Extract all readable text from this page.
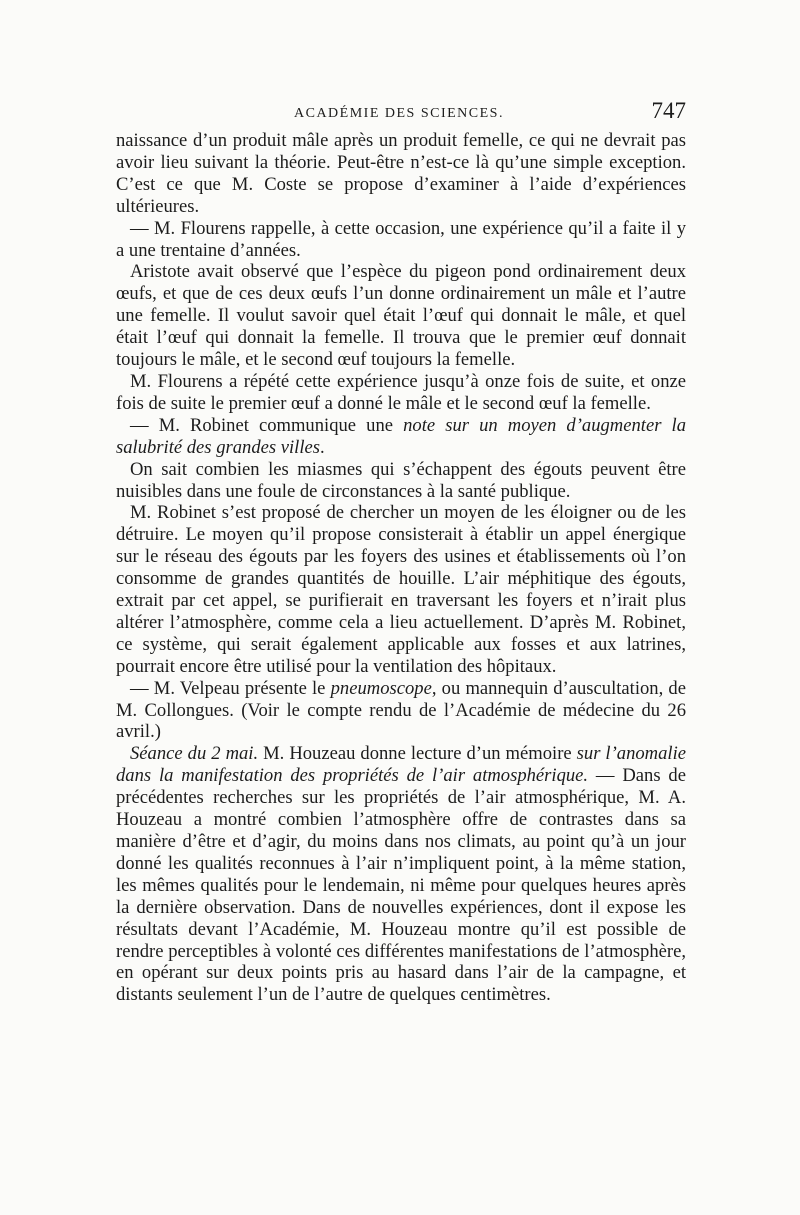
ACADÉMIE DES SCIENCES.	747

naissance d’un produit mâle après un produit femelle, ce qui ne devrait pas avoir lieu suivant la théorie. Peut-être n’est-ce là qu’une simple exception. C’est ce que M. Coste se propose d’examiner à l’aide d’expériences ultérieures.

— M. Flourens rappelle, à cette occasion, une expérience qu’il a faite il y a une trentaine d’années.

Aristote avait observé que l’espèce du pigeon pond ordinairement deux œufs, et que de ces deux œufs l’un donne ordinairement un mâle et l’autre une femelle. Il voulut savoir quel était l’œuf qui donnait le mâle, et quel était l’œuf qui donnait la femelle. Il trouva que le premier œuf donnait toujours le mâle, et le second œuf toujours la femelle.

M. Flourens a répété cette expérience jusqu’à onze fois de suite, et onze fois de suite le premier œuf a donné le mâle et le second œuf la femelle.

— M. Robinet communique une note sur un moyen d’augmenter la salubrité des grandes villes.

On sait combien les miasmes qui s’échappent des égouts peuvent être nuisibles dans une foule de circonstances à la santé publique.

M. Robinet s’est proposé de chercher un moyen de les éloigner ou de les détruire. Le moyen qu’il propose consisterait à établir un appel énergique sur le réseau des égouts par les foyers des usines et établissements où l’on consomme de grandes quantités de houille. L’air méphitique des égouts, extrait par cet appel, se purifierait en traversant les foyers et n’irait plus altérer l’atmosphère, comme cela a lieu actuellement. D’après M. Robinet, ce système, qui serait également applicable aux fosses et aux latrines, pourrait encore être utilisé pour la ventilation des hôpitaux.

— M. Velpeau présente le pneumoscope, ou mannequin d’auscultation, de M. Collongues. (Voir le compte rendu de l’Académie de médecine du 26 avril.)

Séance du 2 mai. M. Houzeau donne lecture d’un mémoire sur l’anomalie dans la manifestation des propriétés de l’air atmosphérique. — Dans de précédentes recherches sur les propriétés de l’air atmosphérique, M. A. Houzeau a montré combien l’atmosphère offre de contrastes dans sa manière d’être et d’agir, du moins dans nos climats, au point qu’à un jour donné les qualités reconnues à l’air n’impliquent point, à la même station, les mêmes qualités pour le lendemain, ni même pour quelques heures après la dernière observation. Dans de nouvelles expériences, dont il expose les résultats devant l’Académie, M. Houzeau montre qu’il est possible de rendre perceptibles à volonté ces différentes manifestations de l’atmosphère, en opérant sur deux points pris au hasard dans l’air de la campagne, et distants seulement l’un de l’autre de quelques centimètres.
